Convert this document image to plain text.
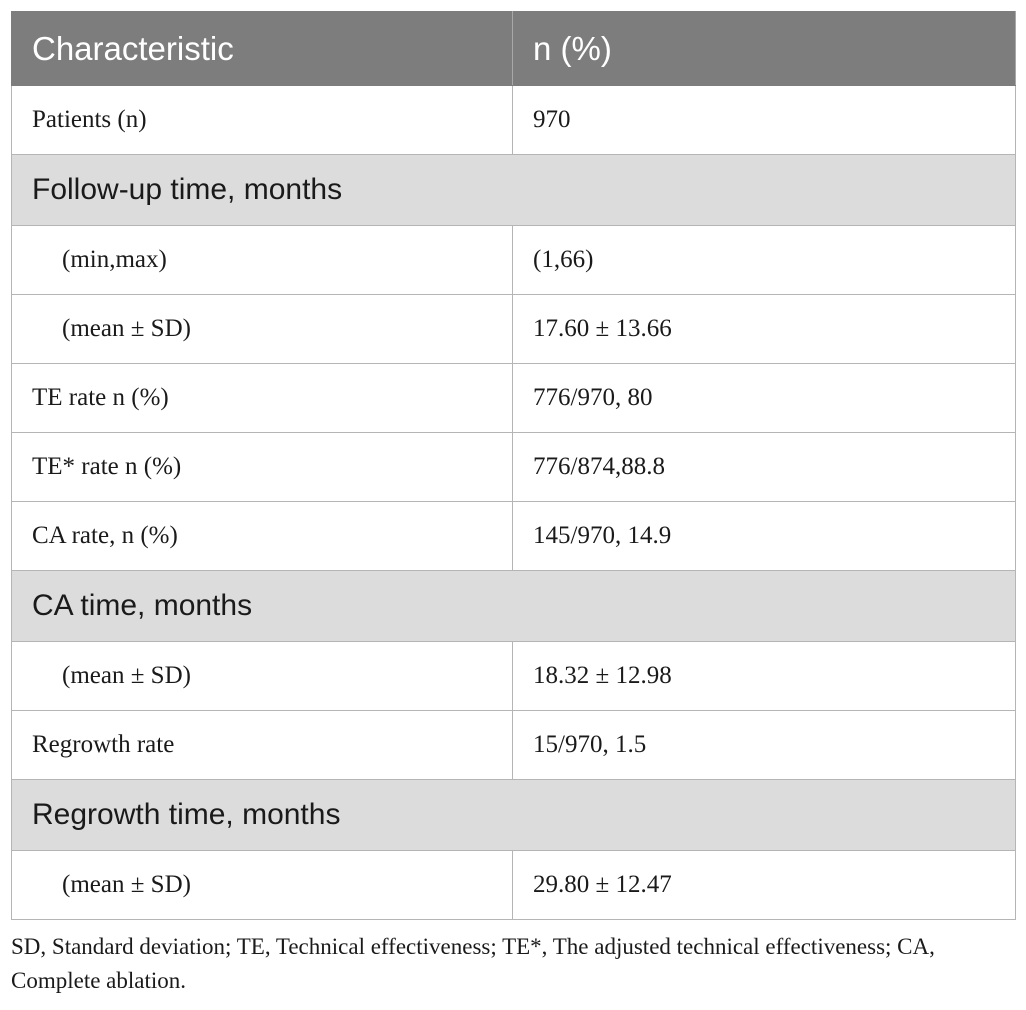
Characteristic	n (%)
Patients (n)	970
Follow-up time, months	
(min,max)	(1,66)
(mean ± SD)	17.60 ± 13.66
TE rate n (%)	776/970, 80
TE* rate n (%)	776/874,88.8
CA rate, n (%)	145/970, 14.9
CA time, months	
(mean ± SD)	18.32 ± 12.98
Regrowth rate	15/970, 1.5
Regrowth time, months	
(mean ± SD)	29.80 ± 12.47
SD, Standard deviation; TE, Technical effectiveness; TE*, The adjusted technical effectiveness; CA, Complete ablation.
